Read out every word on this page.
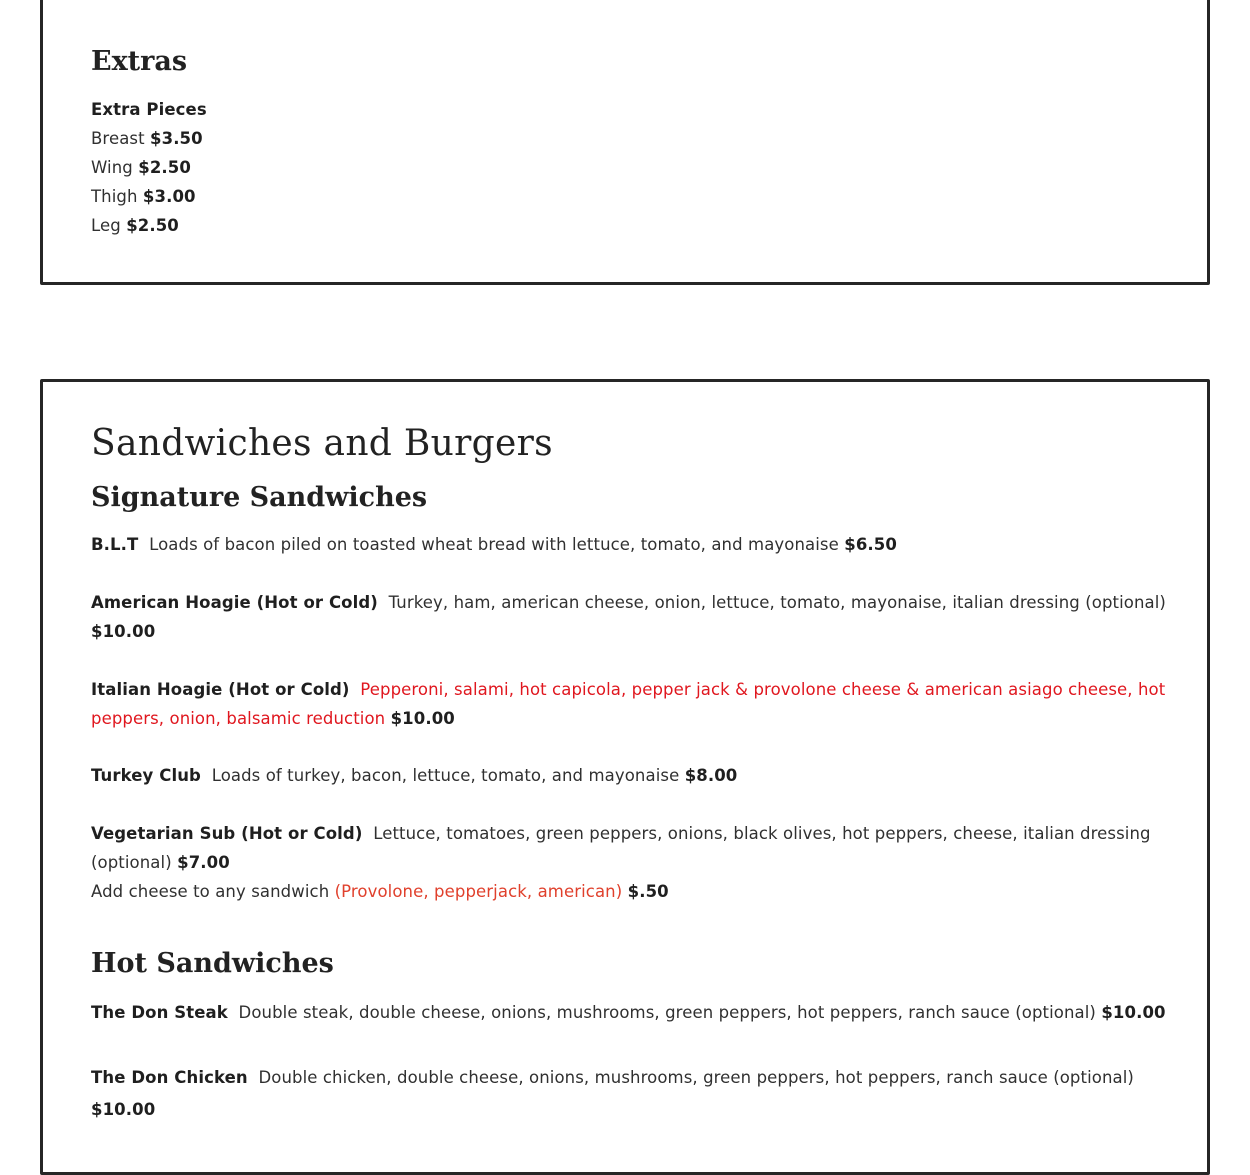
Extras
Extra Pieces
Breast $3.50
Wing $2.50
Thigh $3.00
Leg $2.50
Sandwiches and Burgers
Signature Sandwiches
B.L.T Loads of bacon piled on toasted wheat bread with lettuce, tomato, and mayonaise $6.50
American Hoagie (Hot or Cold) Turkey, ham, american cheese, onion, lettuce, tomato, mayonaise, italian dressing (optional)
$10.00
Italian Hoagie (Hot or Cold) Pepperoni, salami, hot capicola, pepper jack & provolone cheese & american asiago cheese, hot
peppers, onion, balsamic reduction $10.00
Turkey Club Loads of turkey, bacon, lettuce, tomato, and mayonaise $8.00
Vegetarian Sub (Hot or Cold) Lettuce, tomatoes, green peppers, onions, black olives, hot peppers, cheese, italian dressing
(optional) $7.00
Add cheese to any sandwich (Provolone, pepperjack, american) $.50
Hot Sandwiches
The Don Steak Double steak, double cheese, onions, mushrooms, green peppers, hot peppers, ranch sauce (optional) $10.00
The Don Chicken Double chicken, double cheese, onions, mushrooms, green peppers, hot peppers, ranch sauce (optional)
$10.00
